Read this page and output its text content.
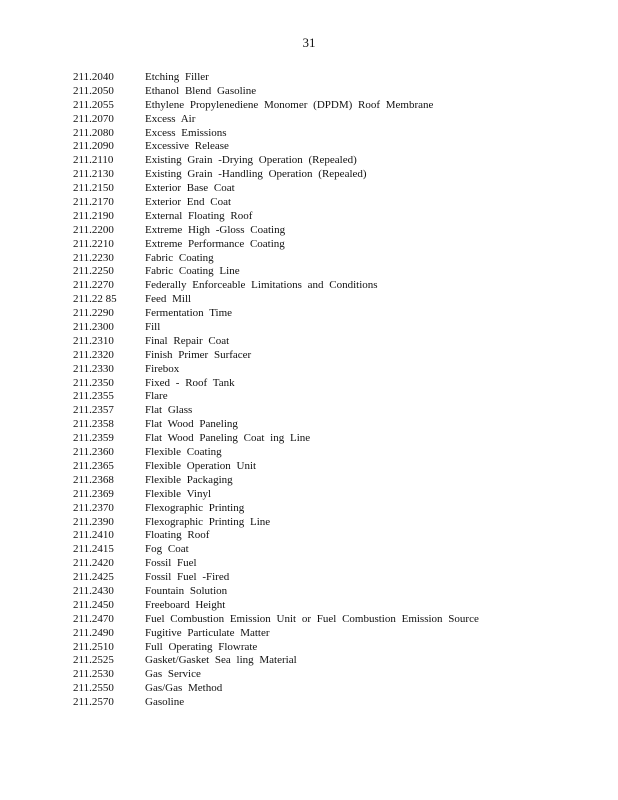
31
211.2040	Etching Filler
211.2050	Ethanol Blend Gasoline
211.2055	Ethylene Propylenediene Monomer (DPDM) Roof Membrane
211.2070	Excess Air
211.2080	Excess Emissions
211.2090	Excessive Release
211.2110	Existing Grain -Drying Operation (Repealed)
211.2130	Existing Grain -Handling Operation (Repealed)
211.2150	Exterior Base Coat
211.2170	Exterior End Coat
211.2190	External Floating Roof
211.2200	Extreme High -Gloss Coating
211.2210	Extreme Performance Coating
211.2230	Fabric Coating
211.2250	Fabric Coating Line
211.2270	Federally Enforceable Limitations and Conditions
211.22 85	Feed Mill
211.2290	Fermentation Time
211.2300	Fill
211.2310	Final Repair Coat
211.2320	Finish Primer Surfacer
211.2330	Firebox
211.2350	Fixed - Roof Tank
211.2355	Flare
211.2357	Flat Glass
211.2358	Flat Wood Paneling
211.2359	Flat Wood Paneling Coat ing Line
211.2360	Flexible Coating
211.2365	Flexible Operation Unit
211.2368	Flexible Packaging
211.2369	Flexible Vinyl
211.2370	Flexographic Printing
211.2390	Flexographic Printing Line
211.2410	Floating Roof
211.2415	Fog Coat
211.2420	Fossil Fuel
211.2425	Fossil Fuel -Fired
211.2430	Fountain Solution
211.2450	Freeboard Height
211.2470	Fuel Combustion Emission Unit or Fuel Combustion Emission Source
211.2490	Fugitive Particulate Matter
211.2510	Full Operating Flowrate
211.2525	Gasket/Gasket Sea ling Material
211.2530	Gas Service
211.2550	Gas/Gas Method
211.2570	Gasoline
